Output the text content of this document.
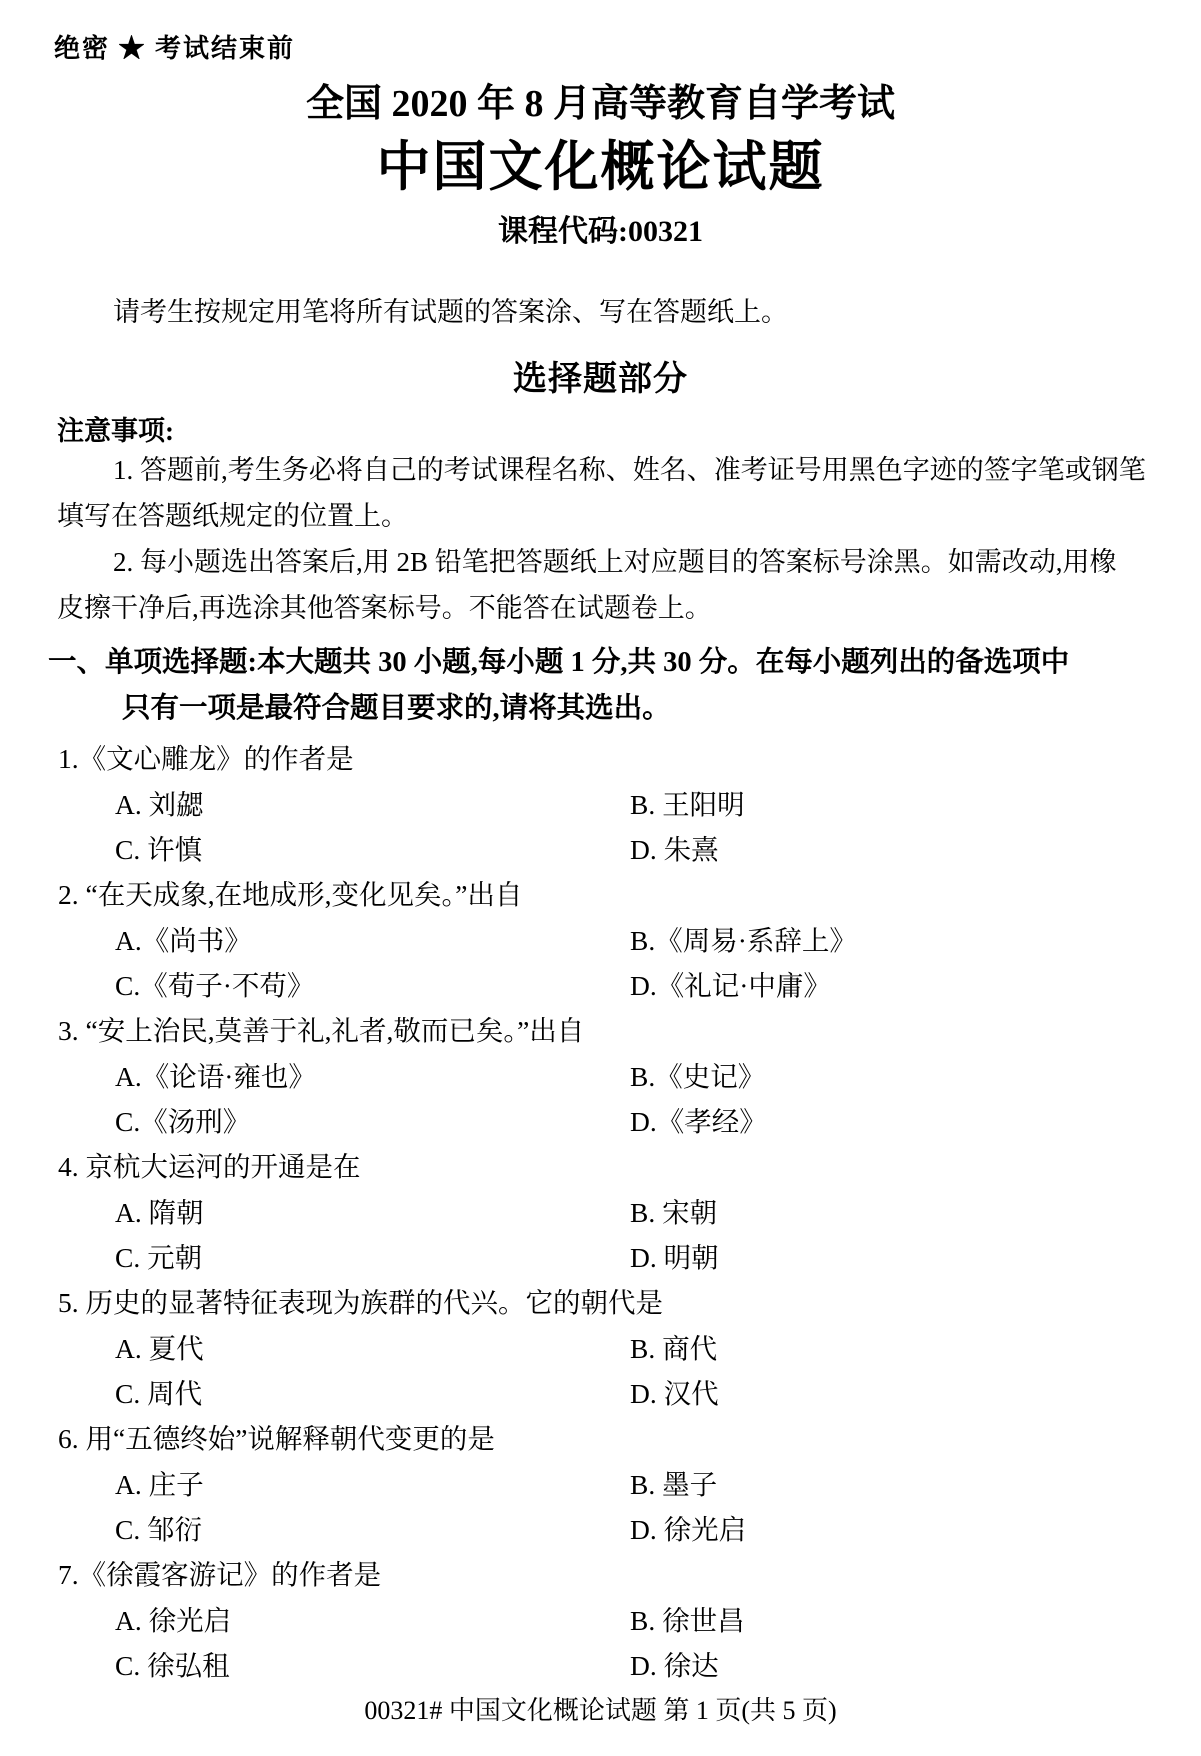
绝密 ★ 考试结束前
全国 2020 年 8 月高等教育自学考试
中国文化概论试题
课程代码:00321

请考生按规定用笔将所有试题的答案涂、写在答题纸上。

选择题部分
注意事项:

1. 答题前,考生务必将自己的考试课程名称、姓名、准考证号用黑色字迹的签字笔或钢笔
填写在答题纸规定的位置上。

2. 每小题选出答案后,用 2B 铅笔把答题纸上对应题目的答案标号涂黑。如需改动,用橡
皮擦干净后,再选涂其他答案标号。不能答在试题卷上。

一、单项选择题:本大题共 30 小题,每小题 1 分,共 30 分。在每小题列出的备选项中
只有一项是最符合题目要求的,请将其选出。
1.《文心雕龙》的作者是
A. 刘勰	B. 王阳明
C. 许慎	D. 朱熹
2. “在天成象,在地成形,变化见矣。”出自
A.《尚书》	B.《周易·系辞上》
C.《荀子·不苟》	D.《礼记·中庸》
3. “安上治民,莫善于礼,礼者,敬而已矣。”出自
A.《论语·雍也》	B.《史记》
C.《汤刑》	D.《孝经》
4. 京杭大运河的开通是在
A. 隋朝	B. 宋朝
C. 元朝	D. 明朝
5. 历史的显著特征表现为族群的代兴。它的朝代是
A. 夏代	B. 商代
C. 周代	D. 汉代
6. 用“五德终始”说解释朝代变更的是
A. 庄子	B. 墨子
C. 邹衍	D. 徐光启
7.《徐霞客游记》的作者是
A. 徐光启	B. 徐世昌
C. 徐弘租	D. 徐达
00321# 中国文化概论试题 第 1 页(共 5 页)
